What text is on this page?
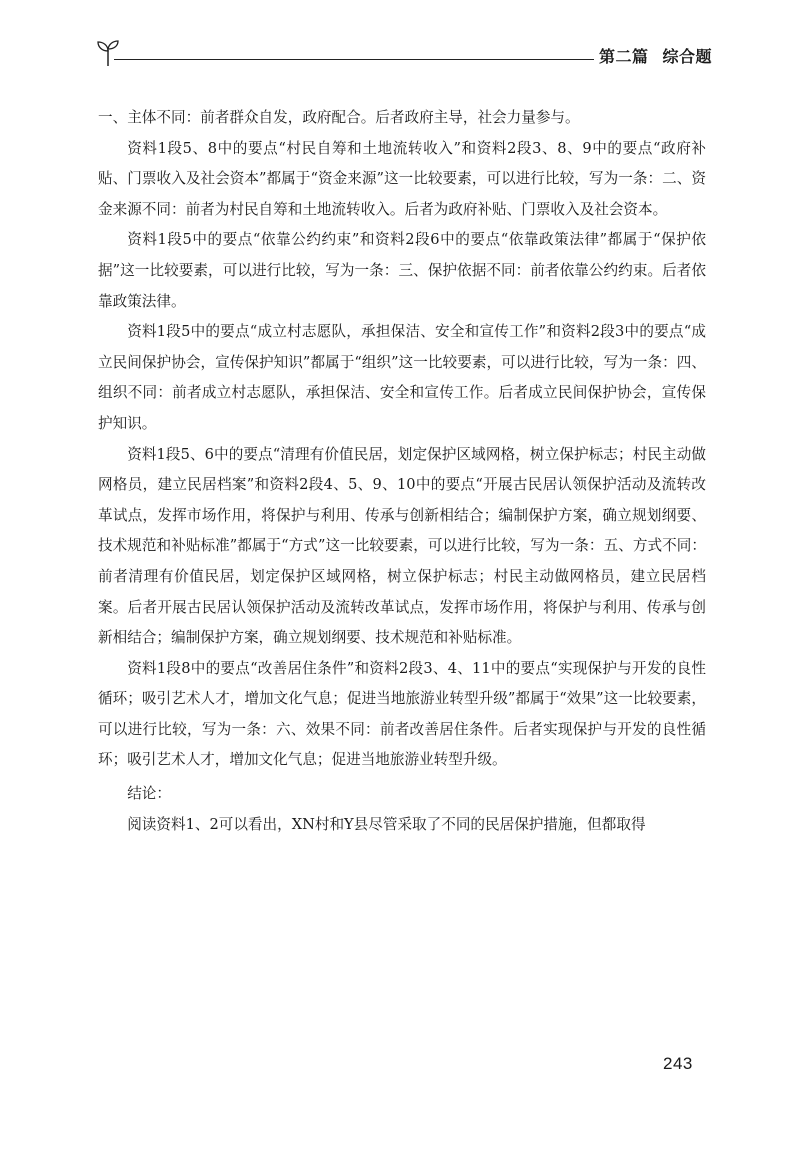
第二篇 综合题

一、主体不同：前者群众自发，政府配合。后者政府主导，社会力量参与。

资料1段5、8中的要点“村民自筹和土地流转收入”和资料2段3、8、9中的要点“政府补贴、门票收入及社会资本”都属于“资金来源”这一比较要素，可以进行比较，写为一条：二、资金来源不同：前者为村民自筹和土地流转收入。后者为政府补贴、门票收入及社会资本。

资料1段5中的要点“依靠公约约束”和资料2段6中的要点“依靠政策法律”都属于“保护依据”这一比较要素，可以进行比较，写为一条：三、保护依据不同：前者依靠公约约束。后者依靠政策法律。

资料1段5中的要点“成立村志愿队，承担保洁、安全和宣传工作”和资料2段3中的要点“成立民间保护协会，宣传保护知识”都属于“组织”这一比较要素，可以进行比较，写为一条：四、组织不同：前者成立村志愿队，承担保洁、安全和宣传工作。后者成立民间保护协会，宣传保护知识。

资料1段5、6中的要点“清理有价值民居，划定保护区域网格，树立保护标志；村民主动做网格员，建立民居档案”和资料2段4、5、9、10中的要点“开展古民居认领保护活动及流转改革试点，发挥市场作用，将保护与利用、传承与创新相结合；编制保护方案，确立规划纲要、技术规范和补贴标准”都属于“方式”这一比较要素，可以进行比较，写为一条：五、方式不同：前者清理有价值民居，划定保护区域网格，树立保护标志；村民主动做网格员，建立民居档案。后者开展古民居认领保护活动及流转改革试点，发挥市场作用，将保护与利用、传承与创新相结合；编制保护方案，确立规划纲要、技术规范和补贴标准。

资料1段8中的要点“改善居住条件”和资料2段3、4、11中的要点“实现保护与开发的良性循环；吸引艺术人才，增加文化气息；促进当地旅游业转型升级”都属于“效果”这一比较要素，可以进行比较，写为一条：六、效果不同：前者改善居住条件。后者实现保护与开发的良性循环；吸引艺术人才，增加文化气息；促进当地旅游业转型升级。

结论：

阅读资料1、2可以看出，XN村和Y县尽管采取了不同的民居保护措施，但都取得

243
